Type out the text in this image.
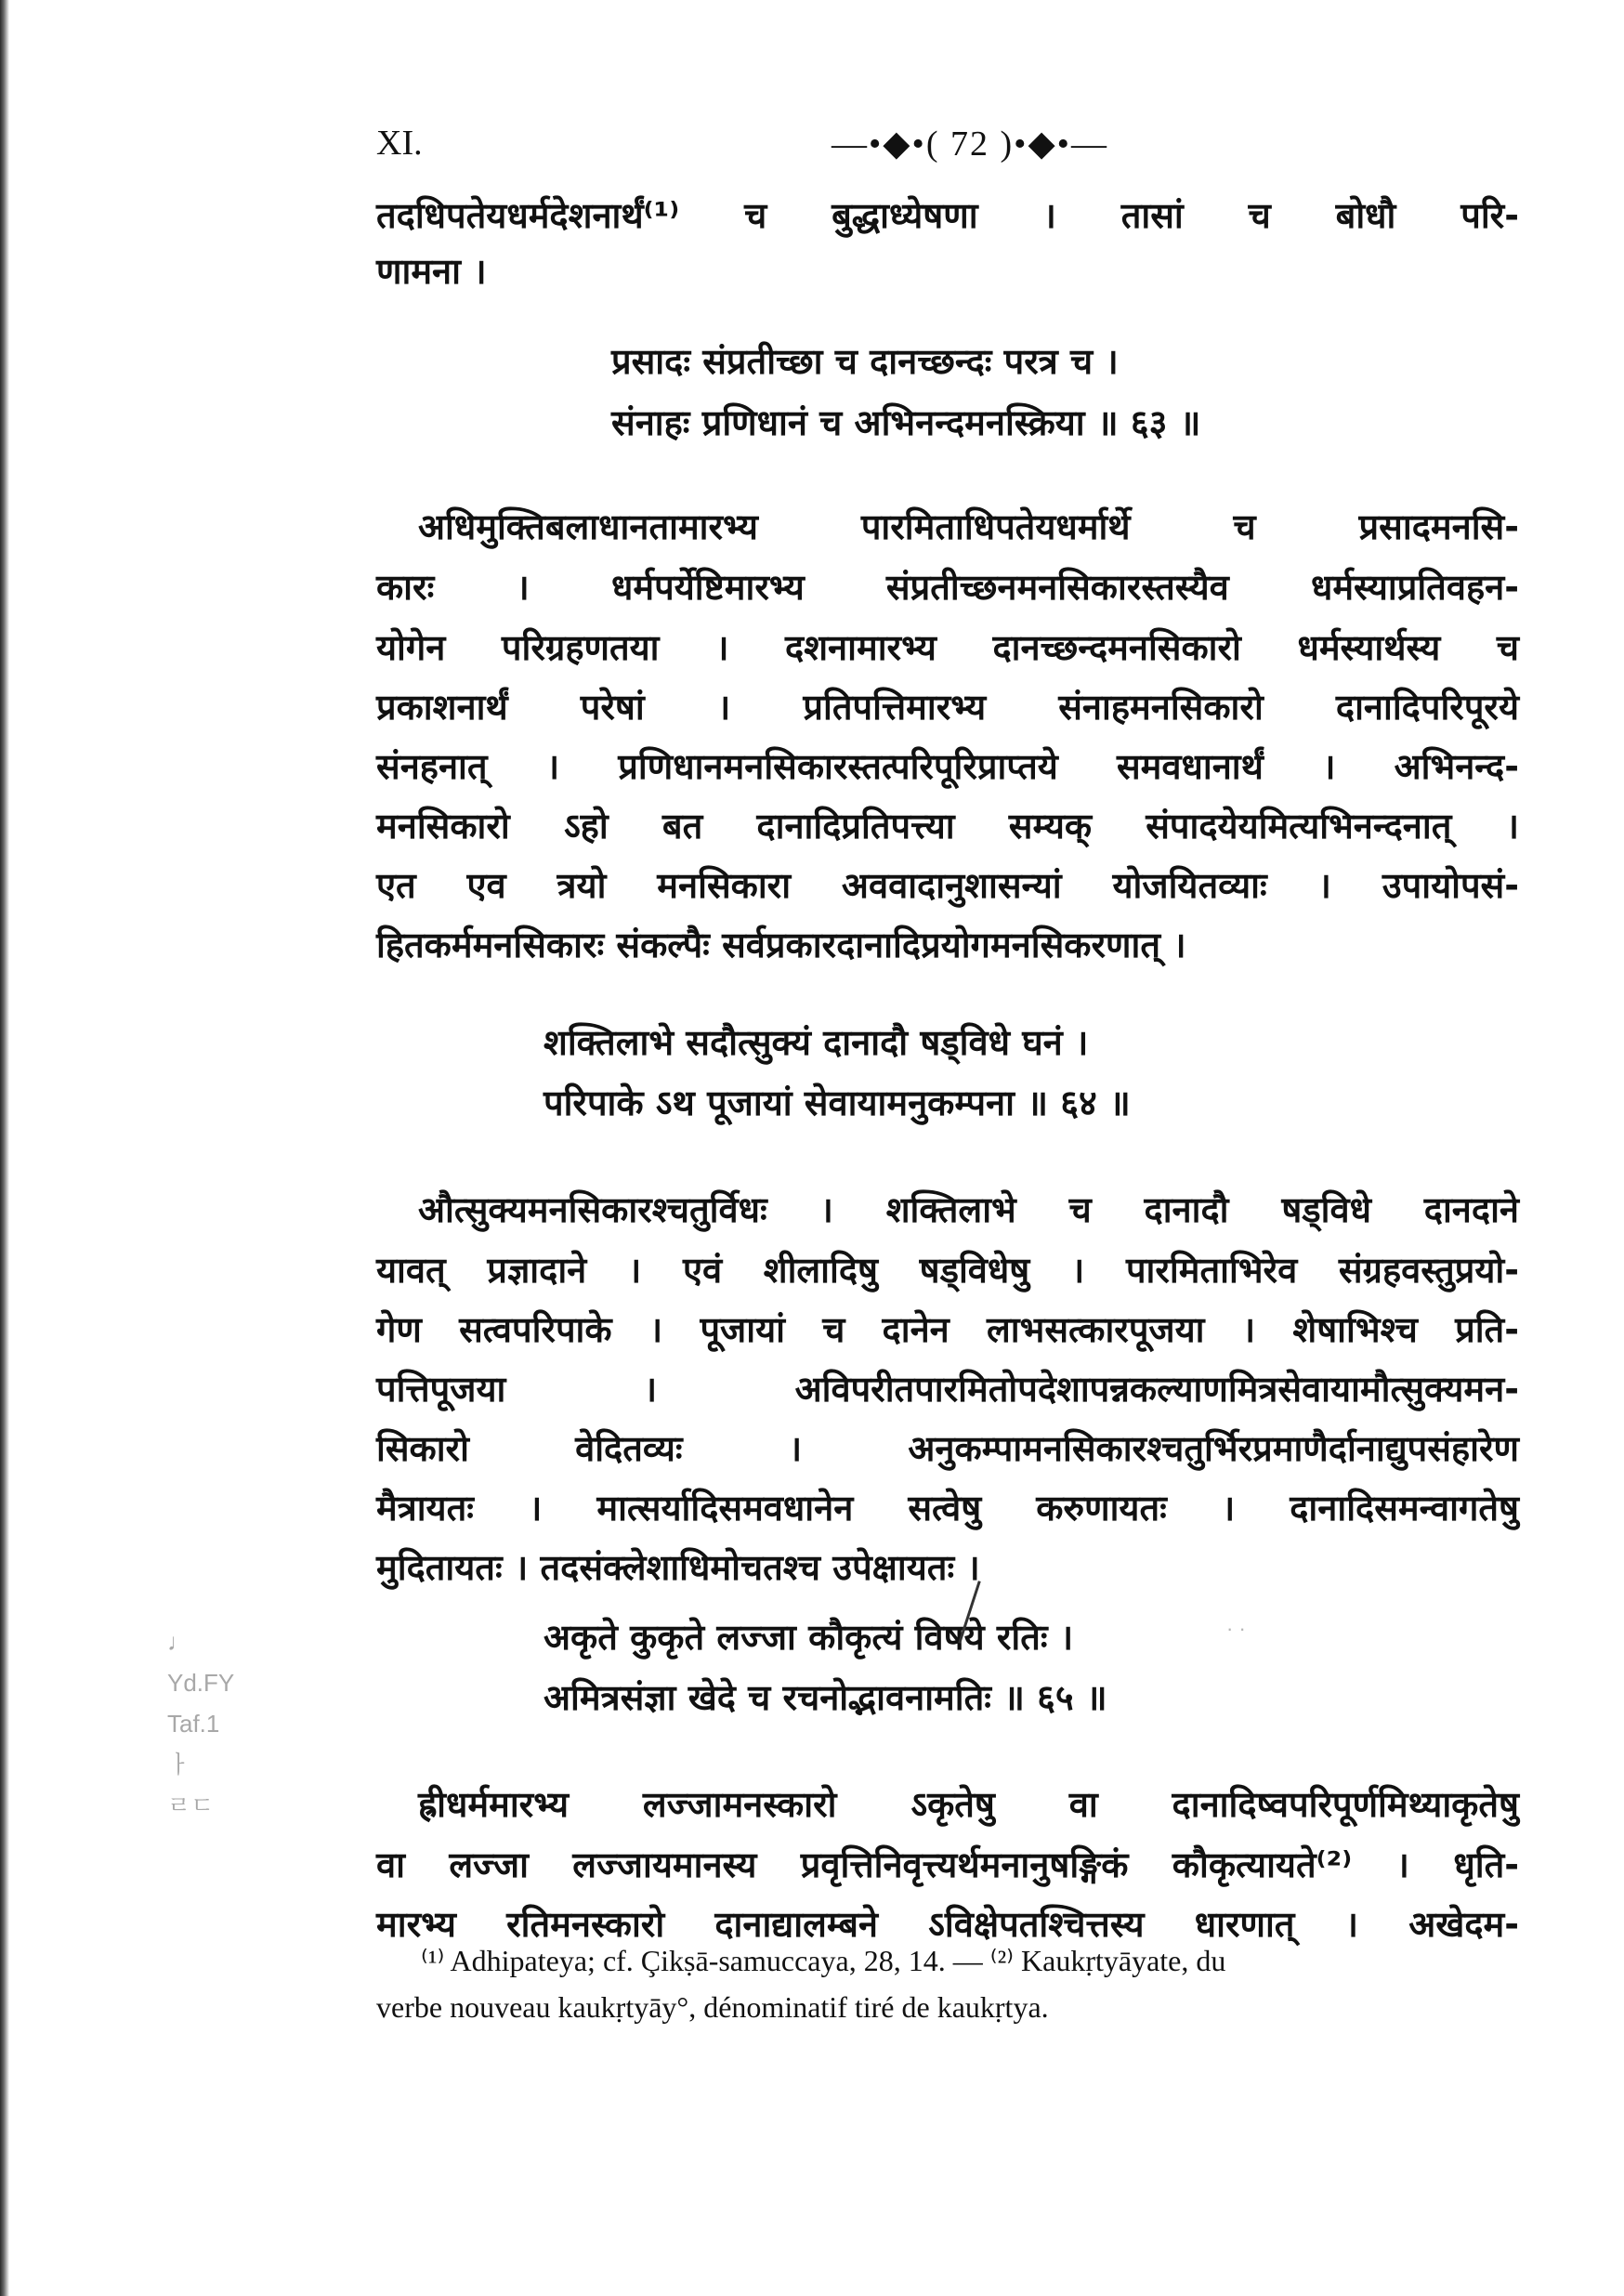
XI.	—•◆•( 72 )•◆•—
तदधिपतेयधर्मदेशनार्थं⁽¹⁾ च बुद्धाध्येषणा । तासां च बोधौ परि-
णामना ।
प्रसादः संप्रतीच्छा च दानच्छन्दः परत्र च ।
संनाहः प्रणिधानं च अभिनन्दमनस्क्रिया ॥ ६३ ॥
अधिमुक्तिबलाधानतामारभ्य पारमिताधिपतेयधर्मार्थे च प्रसादमनसि-
कारः । धर्मपर्येष्टिमारभ्य संप्रतीच्छनमनसिकारस्तस्यैव धर्मस्याप्रतिवहन-
योगेन परिग्रहणतया । दशनामारभ्य दानच्छन्दमनसिकारो धर्मस्यार्थस्य च
प्रकाशनार्थं परेषां । प्रतिपत्तिमारभ्य संनाहमनसिकारो दानादिपरिपूरये
संनहनात् । प्रणिधानमनसिकारस्तत्परिपूरिप्राप्तये समवधानार्थं । अभिनन्द-
मनसिकारो ऽहो बत दानादिप्रतिपत्त्या सम्यक् संपादयेयमित्यभिनन्दनात् ।
एत एव त्रयो मनसिकारा अववादानुशासन्यां योजयितव्याः । उपायोपसं-
हितकर्ममनसिकारः संकल्पैः सर्वप्रकारदानादिप्रयोगमनसिकरणात् ।
शक्तिलाभे सदौत्सुक्यं दानादौ षड्विधे घनं ।
परिपाके ऽथ पूजायां सेवायामनुकम्पना ॥ ६४ ॥
औत्सुक्यमनसिकारश्चतुर्विधः । शक्तिलाभे च दानादौ षड्विधे दानदाने
यावत् प्रज्ञादाने । एवं शीलादिषु षड्विधेषु । पारमिताभिरेव संग्रहवस्तुप्रयो-
गेण सत्वपरिपाके । पूजायां च दानेन लाभसत्कारपूजया । शेषाभिश्च प्रति-
पत्तिपूजया । अविपरीतपारमितोपदेशापन्नकल्याणमित्रसेवायामौत्सुक्यमन-
सिकारो वेदितव्यः । अनुकम्पामनसिकारश्चतुर्भिरप्रमाणैर्दानाद्युपसंहारेण
मैत्रायतः । मात्सर्यादिसमवधानेन सत्वेषु करुणायतः । दानादिसमन्वागतेषु
मुदितायतः । तदसंक्लेशाधिमोचतश्च उपेक्षायतः ।
अकृते कुकृते लज्जा कौकृत्यं विषये रतिः ।
अमित्रसंज्ञा खेदे च रचनोद्भावनामतिः ॥ ६५ ॥
· ·
ह्रीधर्ममारभ्य लज्जामनस्कारो ऽकृतेषु वा दानादिष्वपरिपूर्णमिथ्याकृतेषु
वा लज्जा लज्जायमानस्य प्रवृत्तिनिवृत्त्यर्थमनानुषङ्गिकं कौकृत्यायते⁽²⁾ । धृति-
मारभ्य रतिमनस्कारो दानाद्यालम्बने ऽविक्षेपतश्चित्तस्य धारणात् । अखेदम-
⁽¹⁾ Adhipateya; cf. Çikṣā-samuccaya, 28, 14. — ⁽²⁾ Kaukṛtyāyate, du
verbe nouveau kaukṛtyāy°, dénominatif tiré de kaukṛtya.
♩
Yd.FY
Taf.1
ㅏ
ㄹㄷ
